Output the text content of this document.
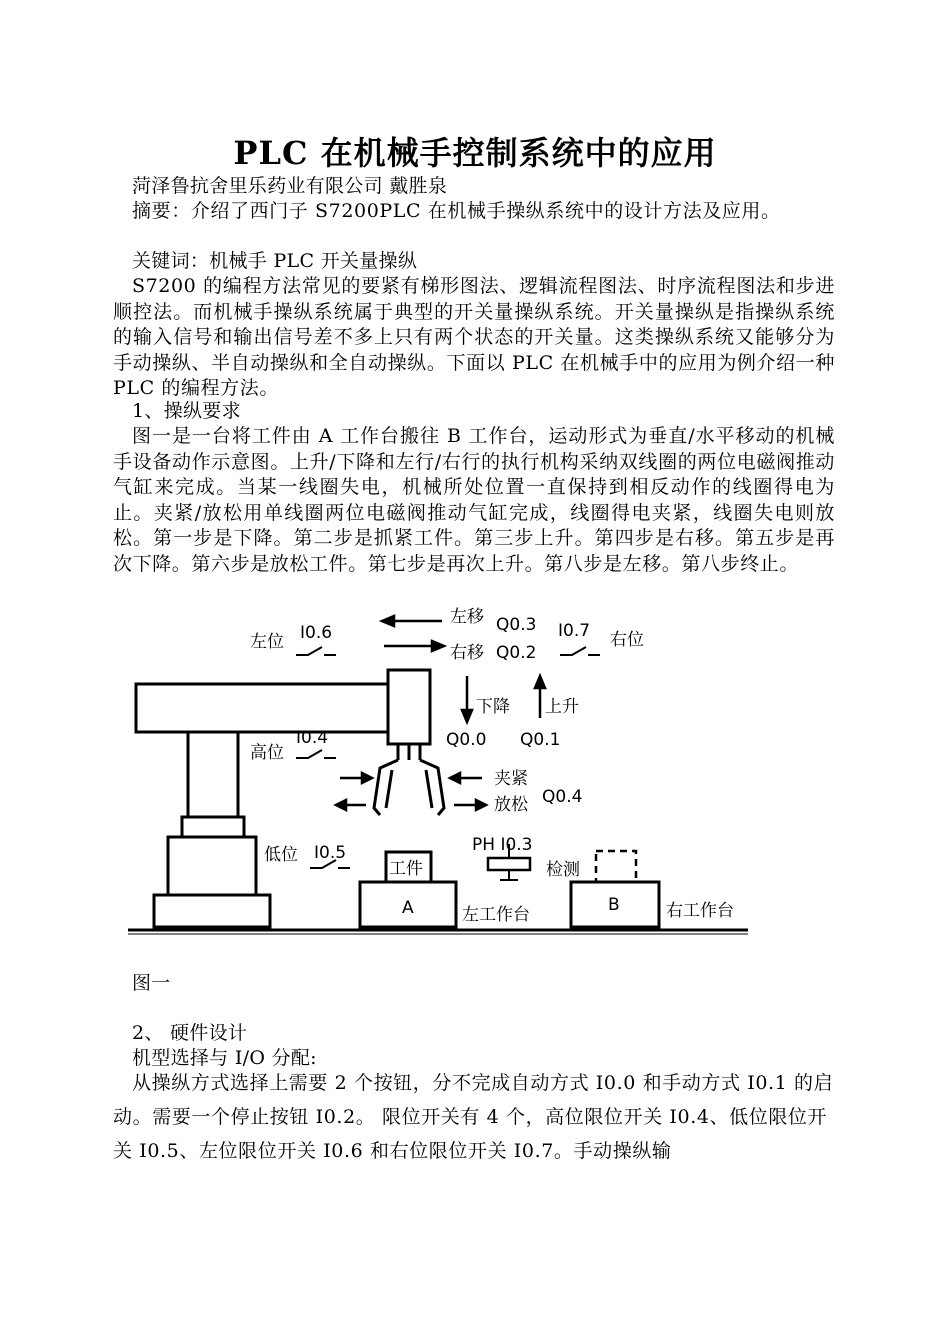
PLC 在机械手控制系统中的应用
菏泽鲁抗舍里乐药业有限公司 戴胜泉
摘要：介绍了西门子 S7200PLC 在机械手操纵系统中的设计方法及应用。
关键词：机械手 PLC 开关量操纵
S7200 的编程方法常见的要紧有梯形图法、逻辑流程图法、时序流程图法和步进顺控法。而机械手操纵系统属于典型的开关量操纵系统。开关量操纵是指操纵系统的输入信号和输出信号差不多上只有两个状态的开关量。这类操纵系统又能够分为手动操纵、半自动操纵和全自动操纵。下面以 PLC 在机械手中的应用为例介绍一种 PLC 的编程方法。
1、操纵要求
图一是一台将工件由 A 工作台搬往 B 工作台，运动形式为垂直/水平移动的机械手设备动作示意图。上升/下降和左行/右行的执行机构采纳双线圈的两位电磁阀推动气缸来完成。当某一线圈失电，机械所处位置一直保持到相反动作的线圈得电为止。夹紧/放松用单线圈两位电磁阀推动气缸完成，线圈得电夹紧，线圈失电则放松。第一步是下降。第二步是抓紧工件。第三步上升。第四步是右移。第五步是再次下降。第六步是放松工件。第七步是再次上升。第八步是左移。第八步终止。
左位 I0.6
左移 Q0.3
右移 Q0.2
I0.7 右位
下降 上升
Q0.0 Q0.1
高位
I0.4
夹紧
放松 Q0.4
低位 I0.5	PH I0.3
工件	检测
A	左工作台	B	右工作台
图一
2、 硬件设计
机型选择与 I/O 分配:
从操纵方式选择上需要 2 个按钮，分不完成自动方式 I0.0 和手动方式 I0.1 的启动。需要一个停止按钮 I0.2。 限位开关有 4 个，高位限位开关 I0.4、低位限位开关 I0.5、左位限位开关 I0.6 和右位限位开关 I0.7。手动操纵输
